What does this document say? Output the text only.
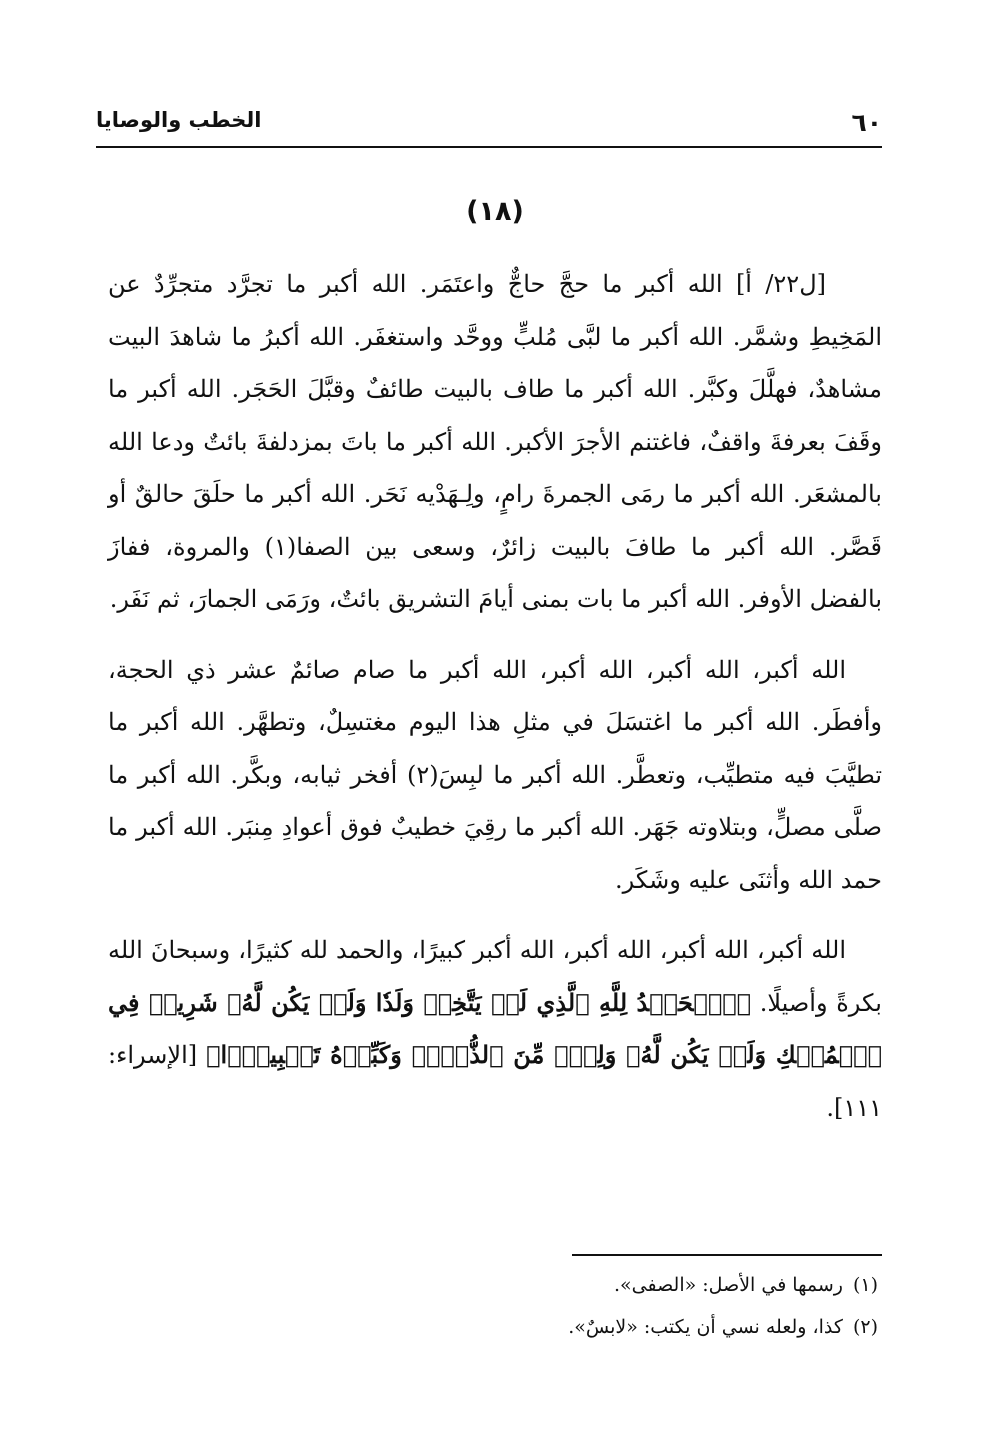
٦٠
الخطب والوصايا
(١٨)

[ل٢٢/ أ] الله أكبر ما حجَّ حاجٌّ واعتَمَر. الله أكبر ما تجرَّد متجرِّدٌ عن المَخِيطِ وشمَّر. الله أكبر ما لبَّى مُلبٍّ ووحَّد واستغفَر. الله أكبرُ ما شاهدَ البيت مشاهدٌ، فهلَّلَ وكبَّر. الله أكبر ما طاف بالبيت طائفٌ وقبَّلَ الحَجَر. الله أكبر ما وقَفَ بعرفةَ واقفٌ، فاغتنم الأجرَ الأكبر. الله أكبر ما باتَ بمزدلفةَ بائتٌ ودعا الله بالمشعَر. الله أكبر ما رمَى الجمرةَ رامٍ، ولِـهَدْيه نَحَر. الله أكبر ما حلَقَ حالقٌ أو قَصَّر. الله أكبر ما طافَ بالبيت زائرٌ، وسعى بين الصفا(١) والمروة، ففازَ بالفضل الأوفر. الله أكبر ما بات بمنى أيامَ التشريق بائتٌ، ورَمَى الجمارَ، ثم نَفَر.

الله أكبر، الله أكبر، الله أكبر، الله أكبر ما صام صائمٌ عشر ذي الحجة، وأفطَر. الله أكبر ما اغتسَلَ في مثلِ هذا اليوم مغتسِلٌ، وتطهَّر. الله أكبر ما تطيَّبَ فيه متطيِّب، وتعطَّر. الله أكبر ما لبِسَ(٢) أفخر ثيابه، وبكَّر. الله أكبر ما صلَّى مصلٍّ، وبتلاوته جَهَر. الله أكبر ما رقِيَ خطيبٌ فوق أعوادِ مِنبَر. الله أكبر ما حمد الله وأثنَى عليه وشَكَر.

الله أكبر، الله أكبر، الله أكبر، الله أكبر كبيرًا، والحمد لله كثيرًا، وسبحانَ الله بكرةً وأصيلًا. ﴿ٱلۡحَمۡدُ لِلَّهِ ٱلَّذِي لَمۡ يَتَّخِذۡ وَلَدٗا وَلَمۡ يَكُن لَّهُۥ شَرِيكٞ فِي ٱلۡمُلۡكِ وَلَمۡ يَكُن لَّهُۥ وَلِيّٞ مِّنَ ٱلذُّلِّۖ وَكَبِّرۡهُ تَكۡبِيرَۢا﴾ [الإسراء: ١١١].

(١)رسمها في الأصل: «الصفى».
(٢)كذا، ولعله نسي أن يكتب: «لابسٌ».
